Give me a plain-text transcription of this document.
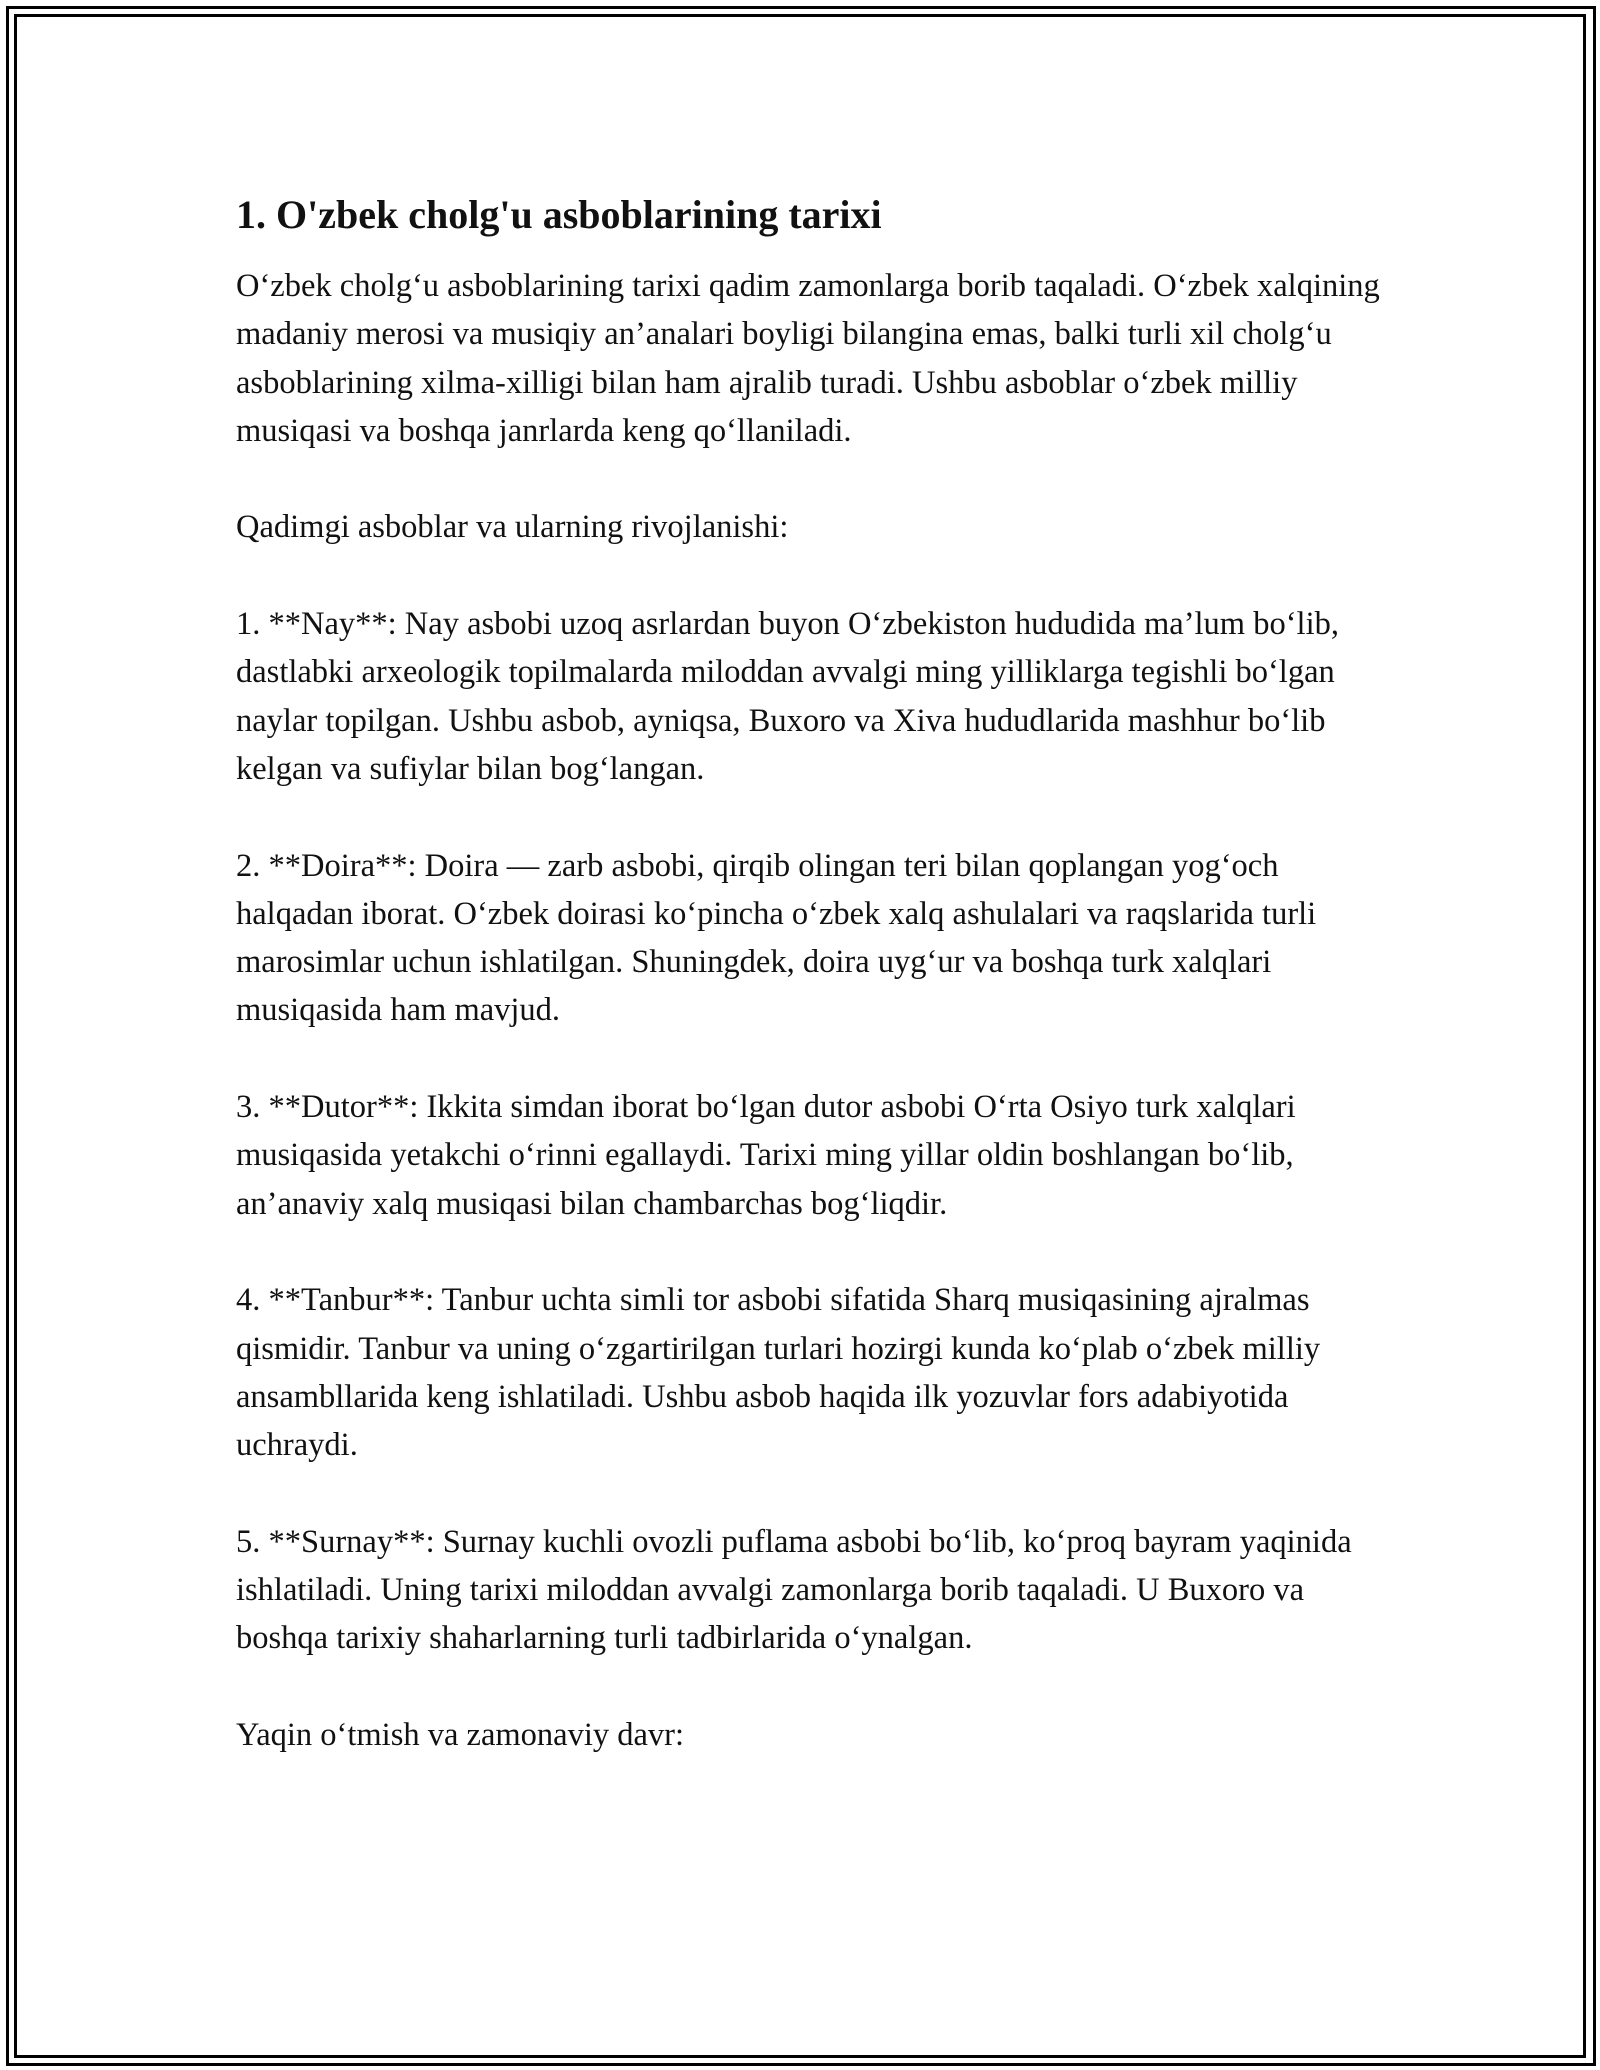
1. O'zbek cholg'u asboblarining tarixi

O‘zbek cholg‘u asboblarining tarixi qadim zamonlarga borib taqaladi. O‘zbek xalqining madaniy merosi va musiqiy an’analari boyligi bilangina emas, balki turli xil cholg‘u asboblarining xilma-xilligi bilan ham ajralib turadi. Ushbu asboblar o‘zbek milliy musiqasi va boshqa janrlarda keng qo‘llaniladi.

Qadimgi asboblar va ularning rivojlanishi:

1. **Nay**: Nay asbobi uzoq asrlardan buyon O‘zbekiston hududida ma’lum bo‘lib, dastlabki arxeologik topilmalarda miloddan avvalgi ming yilliklarga tegishli bo‘lgan naylar topilgan. Ushbu asbob, ayniqsa, Buxoro va Xiva hududlarida mashhur bo‘lib kelgan va sufiylar bilan bog‘langan.

2. **Doira**: Doira — zarb asbobi, qirqib olingan teri bilan qoplangan yog‘och halqadan iborat. O‘zbek doirasi ko‘pincha o‘zbek xalq ashulalari va raqslarida turli marosimlar uchun ishlatilgan. Shuningdek, doira uyg‘ur va boshqa turk xalqlari musiqasida ham mavjud.

3. **Dutor**: Ikkita simdan iborat bo‘lgan dutor asbobi O‘rta Osiyo turk xalqlari musiqasida yetakchi o‘rinni egallaydi. Tarixi ming yillar oldin boshlangan bo‘lib, an’anaviy xalq musiqasi bilan chambarchas bog‘liqdir.

4. **Tanbur**: Tanbur uchta simli tor asbobi sifatida Sharq musiqasining ajralmas qismidir. Tanbur va uning o‘zgartirilgan turlari hozirgi kunda ko‘plab o‘zbek milliy ansambllarida keng ishlatiladi. Ushbu asbob haqida ilk yozuvlar fors adabiyotida uchraydi.

5. **Surnay**: Surnay kuchli ovozli puflama asbobi bo‘lib, ko‘proq bayram yaqinida ishlatiladi. Uning tarixi miloddan avvalgi zamonlarga borib taqaladi. U Buxoro va boshqa tarixiy shaharlarning turli tadbirlarida o‘ynalgan.

Yaqin o‘tmish va zamonaviy davr:
